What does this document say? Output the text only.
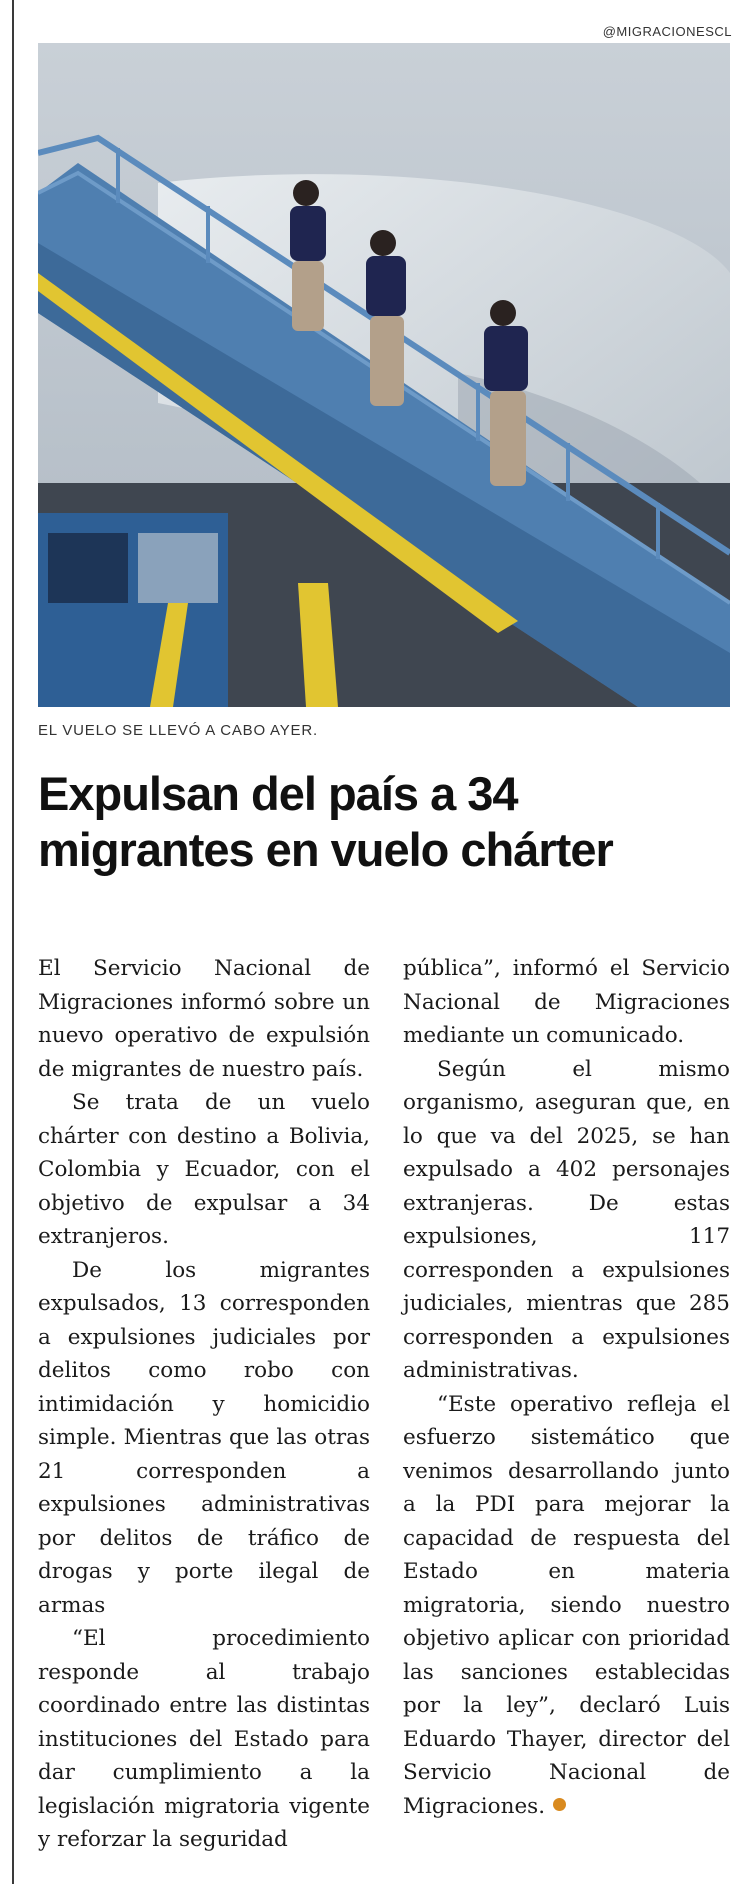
@MIGRACIONESCL
EL VUELO SE LLEVÓ A CABO AYER.
Expulsan del país a 34
migrantes en vuelo chárter

El Servicio Nacional de Migraciones informó sobre un nuevo operativo de expulsión de migrantes de nuestro país.

Se trata de un vuelo chárter con destino a Bolivia, Colombia y Ecuador, con el objetivo de expulsar a 34 extranjeros.

De los migrantes expulsados, 13 corresponden a expulsiones judiciales por delitos como robo con intimidación y homicidio simple. Mientras que las otras 21 corresponden a expulsiones administrativas por delitos de tráfico de drogas y porte ilegal de armas

“El procedimiento responde al trabajo coordinado entre las distintas instituciones del Estado para dar cumplimiento a la legislación migratoria vigente y reforzar la seguridad

pública”, informó el Servicio Nacional de Migraciones mediante un comunicado.

Según el mismo organismo, aseguran que, en lo que va del 2025, se han expulsado a 402 personajes extranjeras. De estas expulsiones, 117 corresponden a expulsiones judiciales, mientras que 285 corresponden a expulsiones administrativas.

“Este operativo refleja el esfuerzo sistemático que venimos desarrollando junto a la PDI para mejorar la capacidad de respuesta del Estado en materia migratoria, siendo nuestro objetivo aplicar con prioridad las sanciones establecidas por la ley”, declaró Luis Eduardo Thayer, director del Servicio Nacional de Migraciones.
